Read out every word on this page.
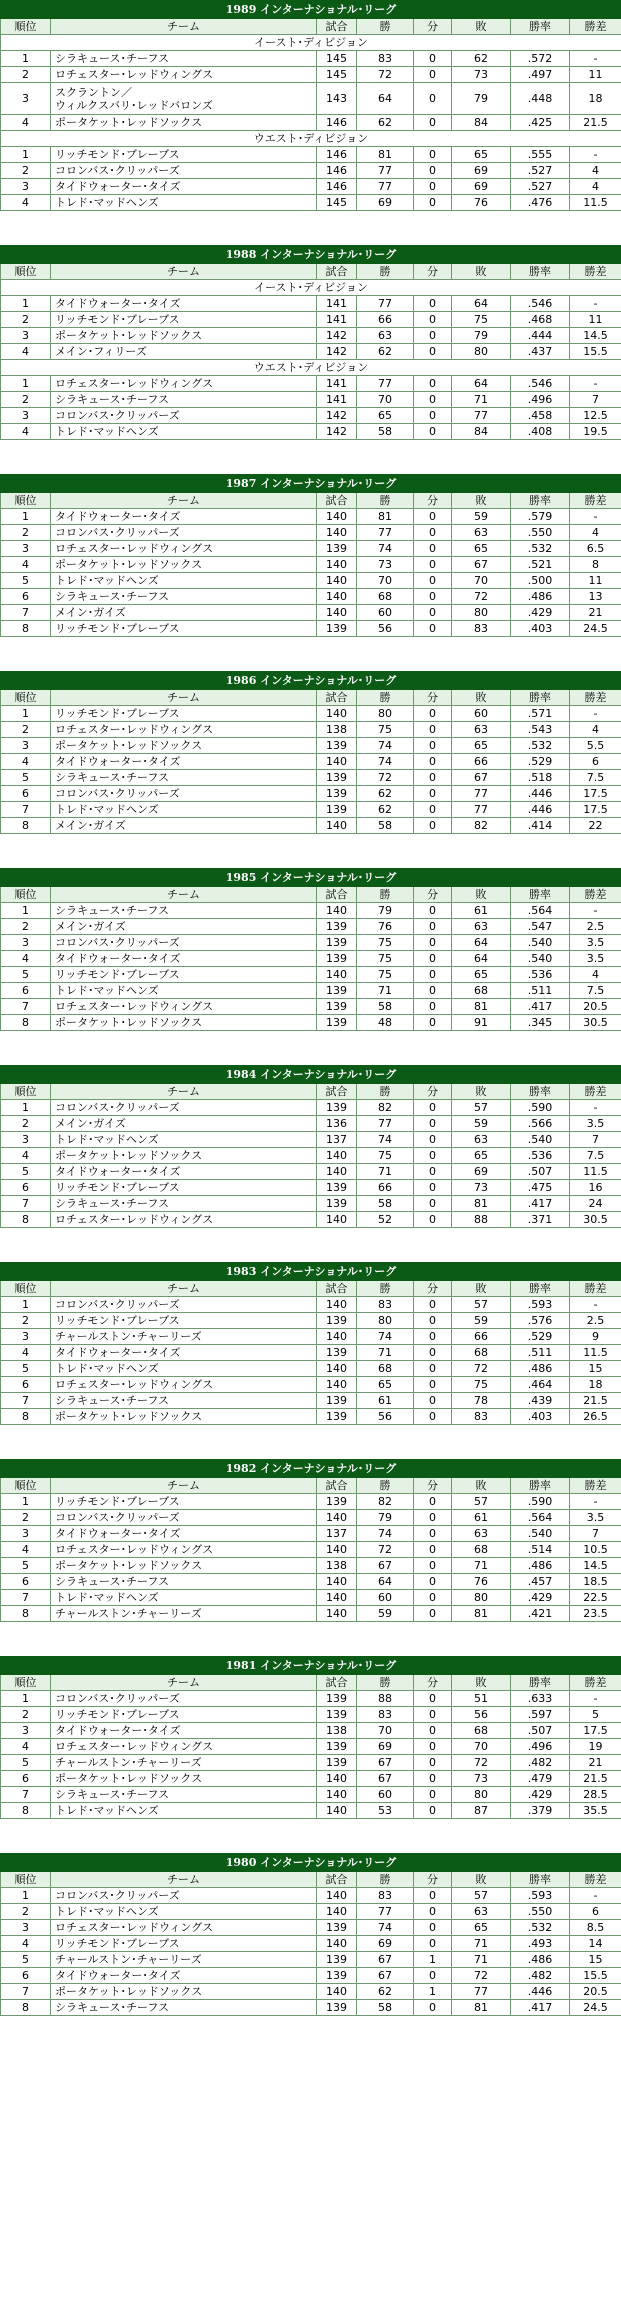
1989 インターナショナル･リーグ							
順位	チーム	試合	勝	分	敗	勝率	勝差
イースト･ディビジョン							
1	シラキュース･チーフス	145	83	0	62	.572	-
2	ロチェスター･レッドウィングス	145	72	0	73	.497	11
3	スクラントン／
ウィルクスバリ･レッドバロンズ	143	64	0	79	.448	18
4	ポータケット･レッドソックス	146	62	0	84	.425	21.5
ウエスト･ディビジョン							
1	リッチモンド･ブレーブス	146	81	0	65	.555	-
2	コロンバス･クリッパーズ	146	77	0	69	.527	4
3	タイドウォーター･タイズ	146	77	0	69	.527	4
4	トレド･マッドヘンズ	145	69	0	76	.476	11.5
1988 インターナショナル･リーグ							
順位	チーム	試合	勝	分	敗	勝率	勝差
イースト･ディビジョン							
1	タイドウォーター･タイズ	141	77	0	64	.546	-
2	リッチモンド･ブレーブス	141	66	0	75	.468	11
3	ポータケット･レッドソックス	142	63	0	79	.444	14.5
4	メイン･フィリーズ	142	62	0	80	.437	15.5
ウエスト･ディビジョン							
1	ロチェスター･レッドウィングス	141	77	0	64	.546	-
2	シラキュース･チーフス	141	70	0	71	.496	7
3	コロンバス･クリッパーズ	142	65	0	77	.458	12.5
4	トレド･マッドヘンズ	142	58	0	84	.408	19.5
1987 インターナショナル･リーグ							
順位	チーム	試合	勝	分	敗	勝率	勝差
1	タイドウォーター･タイズ	140	81	0	59	.579	-
2	コロンバス･クリッパーズ	140	77	0	63	.550	4
3	ロチェスター･レッドウィングス	139	74	0	65	.532	6.5
4	ポータケット･レッドソックス	140	73	0	67	.521	8
5	トレド･マッドヘンズ	140	70	0	70	.500	11
6	シラキュース･チーフス	140	68	0	72	.486	13
7	メイン･ガイズ	140	60	0	80	.429	21
8	リッチモンド･ブレーブス	139	56	0	83	.403	24.5
1986 インターナショナル･リーグ							
順位	チーム	試合	勝	分	敗	勝率	勝差
1	リッチモンド･ブレーブス	140	80	0	60	.571	-
2	ロチェスター･レッドウィングス	138	75	0	63	.543	4
3	ポータケット･レッドソックス	139	74	0	65	.532	5.5
4	タイドウォーター･タイズ	140	74	0	66	.529	6
5	シラキュース･チーフス	139	72	0	67	.518	7.5
6	コロンバス･クリッパーズ	139	62	0	77	.446	17.5
7	トレド･マッドヘンズ	139	62	0	77	.446	17.5
8	メイン･ガイズ	140	58	0	82	.414	22
1985 インターナショナル･リーグ							
順位	チーム	試合	勝	分	敗	勝率	勝差
1	シラキュース･チーフス	140	79	0	61	.564	-
2	メイン･ガイズ	139	76	0	63	.547	2.5
3	コロンバス･クリッパーズ	139	75	0	64	.540	3.5
4	タイドウォーター･タイズ	139	75	0	64	.540	3.5
5	リッチモンド･ブレーブス	140	75	0	65	.536	4
6	トレド･マッドヘンズ	139	71	0	68	.511	7.5
7	ロチェスター･レッドウィングス	139	58	0	81	.417	20.5
8	ポータケット･レッドソックス	139	48	0	91	.345	30.5
1984 インターナショナル･リーグ							
順位	チーム	試合	勝	分	敗	勝率	勝差
1	コロンバス･クリッパーズ	139	82	0	57	.590	-
2	メイン･ガイズ	136	77	0	59	.566	3.5
3	トレド･マッドヘンズ	137	74	0	63	.540	7
4	ポータケット･レッドソックス	140	75	0	65	.536	7.5
5	タイドウォーター･タイズ	140	71	0	69	.507	11.5
6	リッチモンド･ブレーブス	139	66	0	73	.475	16
7	シラキュース･チーフス	139	58	0	81	.417	24
8	ロチェスター･レッドウィングス	140	52	0	88	.371	30.5
1983 インターナショナル･リーグ							
順位	チーム	試合	勝	分	敗	勝率	勝差
1	コロンバス･クリッパーズ	140	83	0	57	.593	-
2	リッチモンド･ブレーブス	139	80	0	59	.576	2.5
3	チャールストン･チャーリーズ	140	74	0	66	.529	9
4	タイドウォーター･タイズ	139	71	0	68	.511	11.5
5	トレド･マッドヘンズ	140	68	0	72	.486	15
6	ロチェスター･レッドウィングス	140	65	0	75	.464	18
7	シラキュース･チーフス	139	61	0	78	.439	21.5
8	ポータケット･レッドソックス	139	56	0	83	.403	26.5
1982 インターナショナル･リーグ							
順位	チーム	試合	勝	分	敗	勝率	勝差
1	リッチモンド･ブレーブス	139	82	0	57	.590	-
2	コロンバス･クリッパーズ	140	79	0	61	.564	3.5
3	タイドウォーター･タイズ	137	74	0	63	.540	7
4	ロチェスター･レッドウィングス	140	72	0	68	.514	10.5
5	ポータケット･レッドソックス	138	67	0	71	.486	14.5
6	シラキュース･チーフス	140	64	0	76	.457	18.5
7	トレド･マッドヘンズ	140	60	0	80	.429	22.5
8	チャールストン･チャーリーズ	140	59	0	81	.421	23.5
1981 インターナショナル･リーグ							
順位	チーム	試合	勝	分	敗	勝率	勝差
1	コロンバス･クリッパーズ	139	88	0	51	.633	-
2	リッチモンド･ブレーブス	139	83	0	56	.597	5
3	タイドウォーター･タイズ	138	70	0	68	.507	17.5
4	ロチェスター･レッドウィングス	139	69	0	70	.496	19
5	チャールストン･チャーリーズ	139	67	0	72	.482	21
6	ポータケット･レッドソックス	140	67	0	73	.479	21.5
7	シラキュース･チーフス	140	60	0	80	.429	28.5
8	トレド･マッドヘンズ	140	53	0	87	.379	35.5
1980 インターナショナル･リーグ							
順位	チーム	試合	勝	分	敗	勝率	勝差
1	コロンバス･クリッパーズ	140	83	0	57	.593	-
2	トレド･マッドヘンズ	140	77	0	63	.550	6
3	ロチェスター･レッドウィングス	139	74	0	65	.532	8.5
4	リッチモンド･ブレーブス	140	69	0	71	.493	14
5	チャールストン･チャーリーズ	139	67	1	71	.486	15
6	タイドウォーター･タイズ	139	67	0	72	.482	15.5
7	ポータケット･レッドソックス	140	62	1	77	.446	20.5
8	シラキュース･チーフス	139	58	0	81	.417	24.5
